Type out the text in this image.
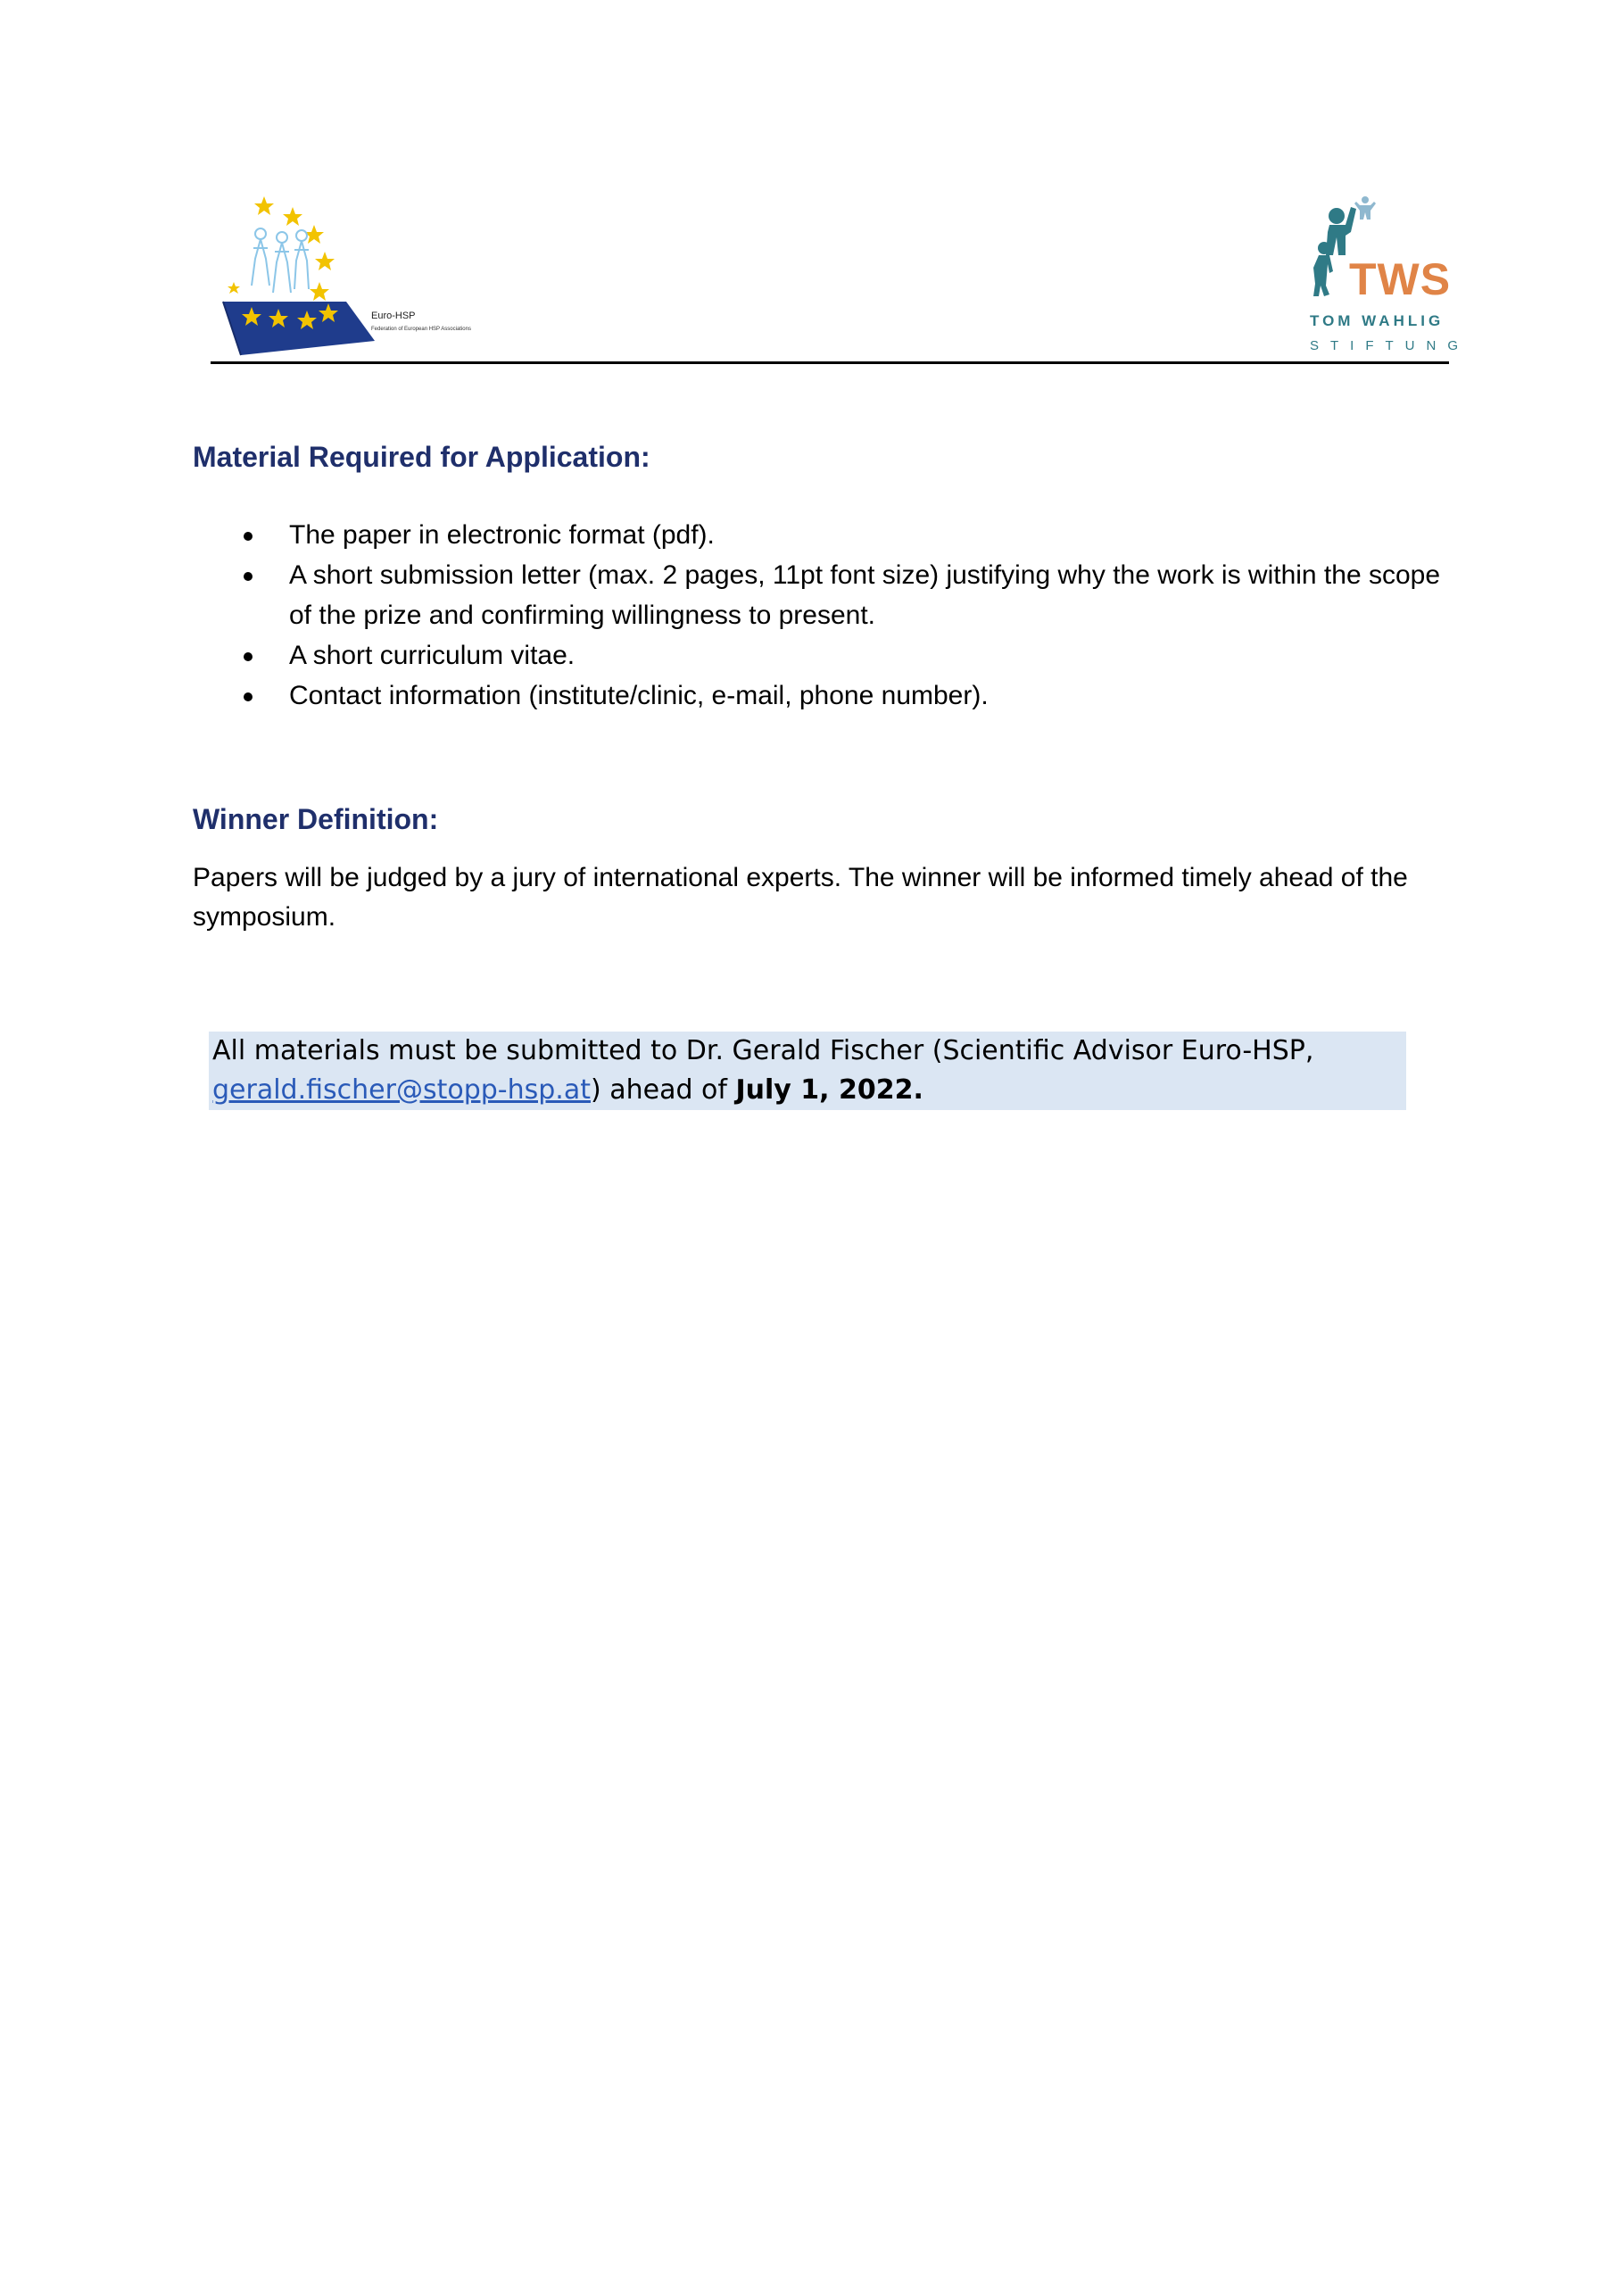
Euro-HSP
Federation of European HSP Associations
TWS
TOM WAHLIG
STIFTUNG
Material Required for Application:
The paper in electronic format (pdf).
A short submission letter (max. 2 pages, 11pt font size) justifying why the work is within the scope of the prize and confirming willingness to present.
A short curriculum vitae.
Contact information (institute/clinic, e-mail, phone number).
Winner Definition:

Papers will be judged by a jury of international experts. The winner will be informed timely ahead of the symposium.

All materials must be submitted to Dr. Gerald Fischer (Scientific Advisor Euro-HSP, gerald.fischer@stopp-hsp.at) ahead of July 1, 2022.
